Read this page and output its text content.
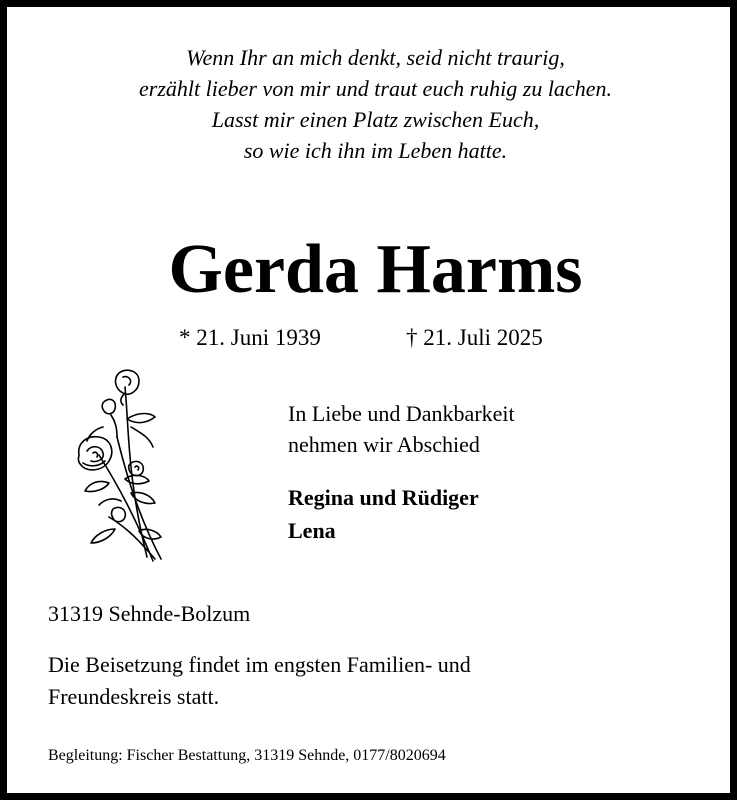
Wenn Ihr an mich denkt, seid nicht traurig,
erzählt lieber von mir und traut euch ruhig zu lachen.
Lasst mir einen Platz zwischen Euch,
so wie ich ihn im Leben hatte.
Gerda Harms
* 21. Juni 1939	† 21. Juli 2025
In Liebe und Dankbarkeit
nehmen wir Abschied
Regina und Rüdiger
Lena
31319 Sehnde-Bolzum
Die Beisetzung findet im engsten Familien- und
Freundeskreis statt.
Begleitung: Fischer Bestattung, 31319 Sehnde, 0177/8020694
